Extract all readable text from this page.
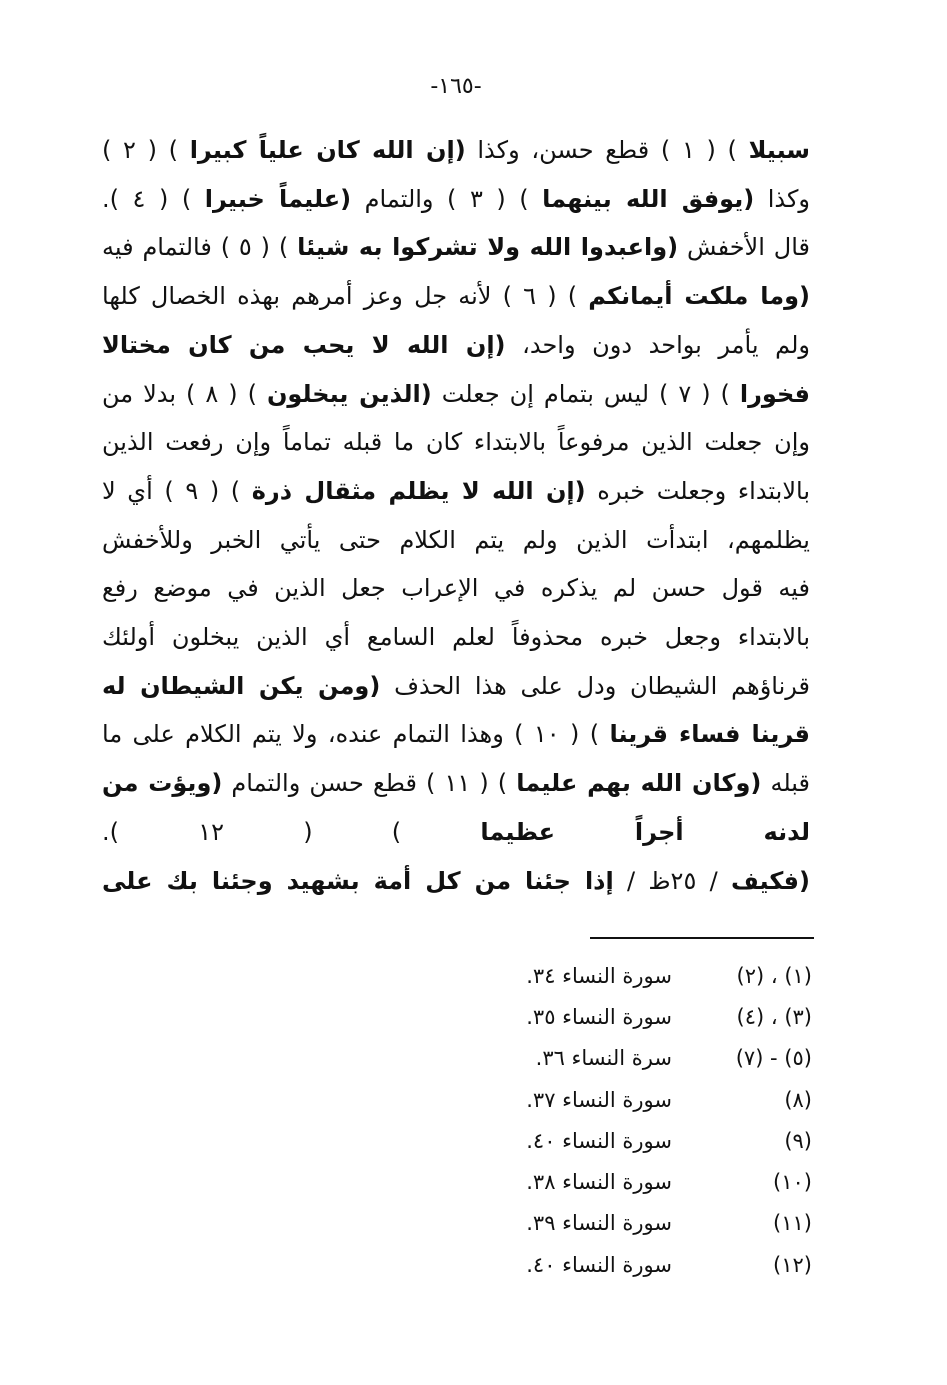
-١٦٥-
سبيلا ) ( ١ ) قطع حسن، وكذا (إن الله كان علياً كبيرا ) ( ٢ )
وكذا (يوفق الله بينهما ) ( ٣ ) والتمام (عليماً خبيرا ) ( ٤ ).
قال الأخفش (واعبدوا الله ولا تشركوا به شيئا ) ( ٥ ) فالتمام فيه
(وما ملكت أيمانكم ) ( ٦ ) لأنه جل وعز أمرهم بهذه الخصال كلها
ولم يأمر بواحد دون واحد، (إن الله لا يحب من كان مختالا
فخورا ) ( ٧ ) ليس بتمام إن جعلت (الذين يبخلون ) ( ٨ ) بدلا من
وإن جعلت الذين مرفوعاً بالابتداء كان ما قبله تماماً وإن رفعت الذين
بالابتداء وجعلت خبره (إن الله لا يظلم مثقال ذرة ) ( ٩ ) أي لا
يظلمهم، ابتدأت الذين ولم يتم الكلام حتى يأتي الخبر وللأخفش
فيه قول حسن لم يذكره في الإعراب جعل الذين في موضع رفع
بالابتداء وجعل خبره محذوفاً لعلم السامع أي الذين يبخلون أولئك
قرناؤهم الشيطان ودل على هذا الحذف (ومن يكن الشيطان له
قرينا فساء قرينا ) ( ١٠ ) وهذا التمام عنده، ولا يتم الكلام على ما
قبله (وكان الله بهم عليما ) ( ١١ ) قطع حسن والتمام (ويؤت من
لدنه أجراً عظيما ) ( ١٢ ).
(فكيف / ٢٥ظ / إذا جئنا من كل أمة بشهيد وجئنا بك على
(١) ، (٢)
سورة النساء ٣٤.
(٣) ، (٤)
سورة النساء ٣٥.
(٥) - (٧)
سرة النساء ٣٦.
(٨)
سورة النساء ٣٧.
(٩)
سورة النساء ٤٠.
(١٠)
سورة النساء ٣٨.
(١١)
سورة النساء ٣٩.
(١٢)
سورة النساء ٤٠.
